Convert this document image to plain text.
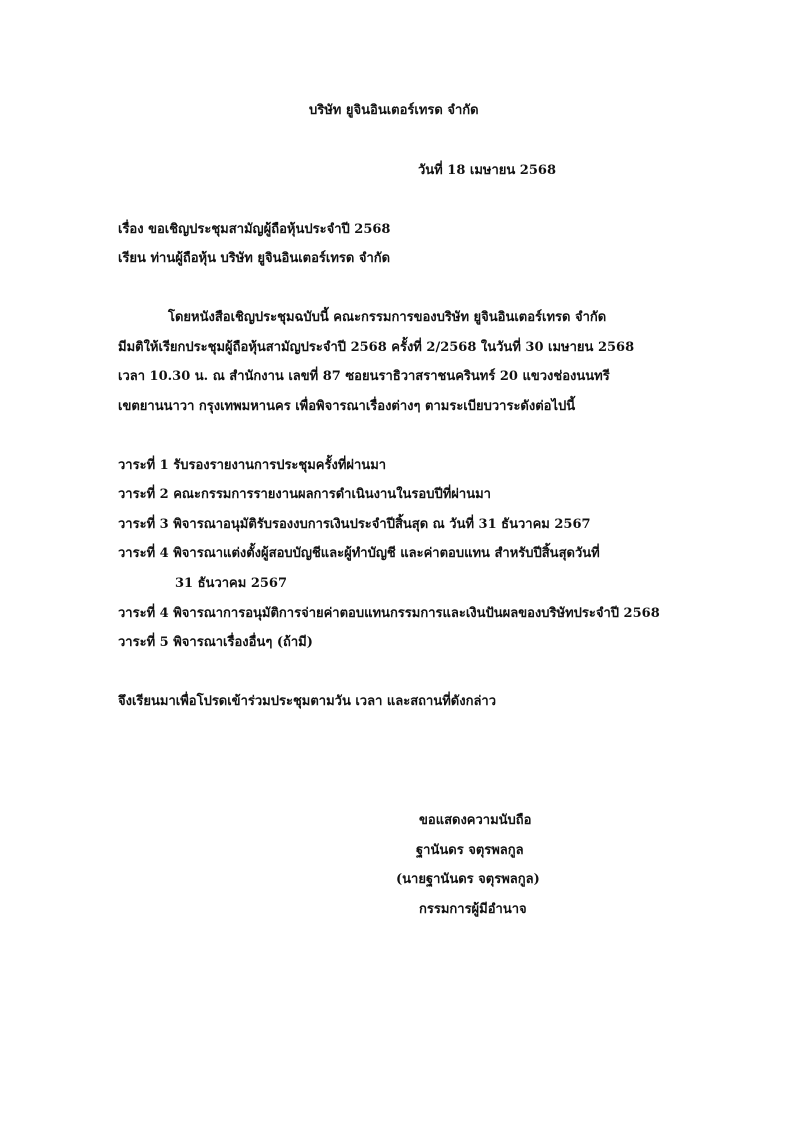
บริษัท ยูจินอินเตอร์เทรด จำกัด
วันที่ 18 เมษายน 2568
เรื่อง ขอเชิญประชุมสามัญผู้ถือหุ้นประจำปี 2568
เรียน ท่านผู้ถือหุ้น บริษัท ยูจินอินเตอร์เทรด จำกัด
โดยหนังสือเชิญประชุมฉบับนี้ คณะกรรมการของบริษัท ยูจินอินเตอร์เทรด จำกัด
มีมติให้เรียกประชุมผู้ถือหุ้นสามัญประจำปี 2568 ครั้งที่ 2/2568 ในวันที่ 30 เมษายน 2568
เวลา 10.30 น. ณ สำนักงาน เลขที่ 87 ซอยนราธิวาสราชนครินทร์ 20 แขวงช่องนนทรี
เขตยานนาวา กรุงเทพมหานคร เพื่อพิจารณาเรื่องต่างๆ ตามระเบียบวาระดังต่อไปนี้
วาระที่ 1 รับรองรายงานการประชุมครั้งที่ผ่านมา
วาระที่ 2 คณะกรรมการรายงานผลการดำเนินงานในรอบปีที่ผ่านมา
วาระที่ 3 พิจารณาอนุมัติรับรองงบการเงินประจำปีสิ้นสุด ณ วันที่ 31 ธันวาคม 2567
วาระที่ 4 พิจารณาแต่งตั้งผู้สอบบัญชีและผู้ทำบัญชี และค่าตอบแทน สำหรับปีสิ้นสุดวันที่
31 ธันวาคม 2567
วาระที่ 4 พิจารณาการอนุมัติการจ่ายค่าตอบแทนกรรมการและเงินปันผลของบริษัทประจำปี 2568
วาระที่ 5 พิจารณาเรื่องอื่นๆ (ถ้ามี)
จึงเรียนมาเพื่อโปรดเข้าร่วมประชุมตามวัน เวลา และสถานที่ดังกล่าว
ขอแสดงความนับถือ
ฐานันดร จตุรพลกูล
(นายฐานันดร จตุรพลกูล)
กรรมการผู้มีอำนาจ
